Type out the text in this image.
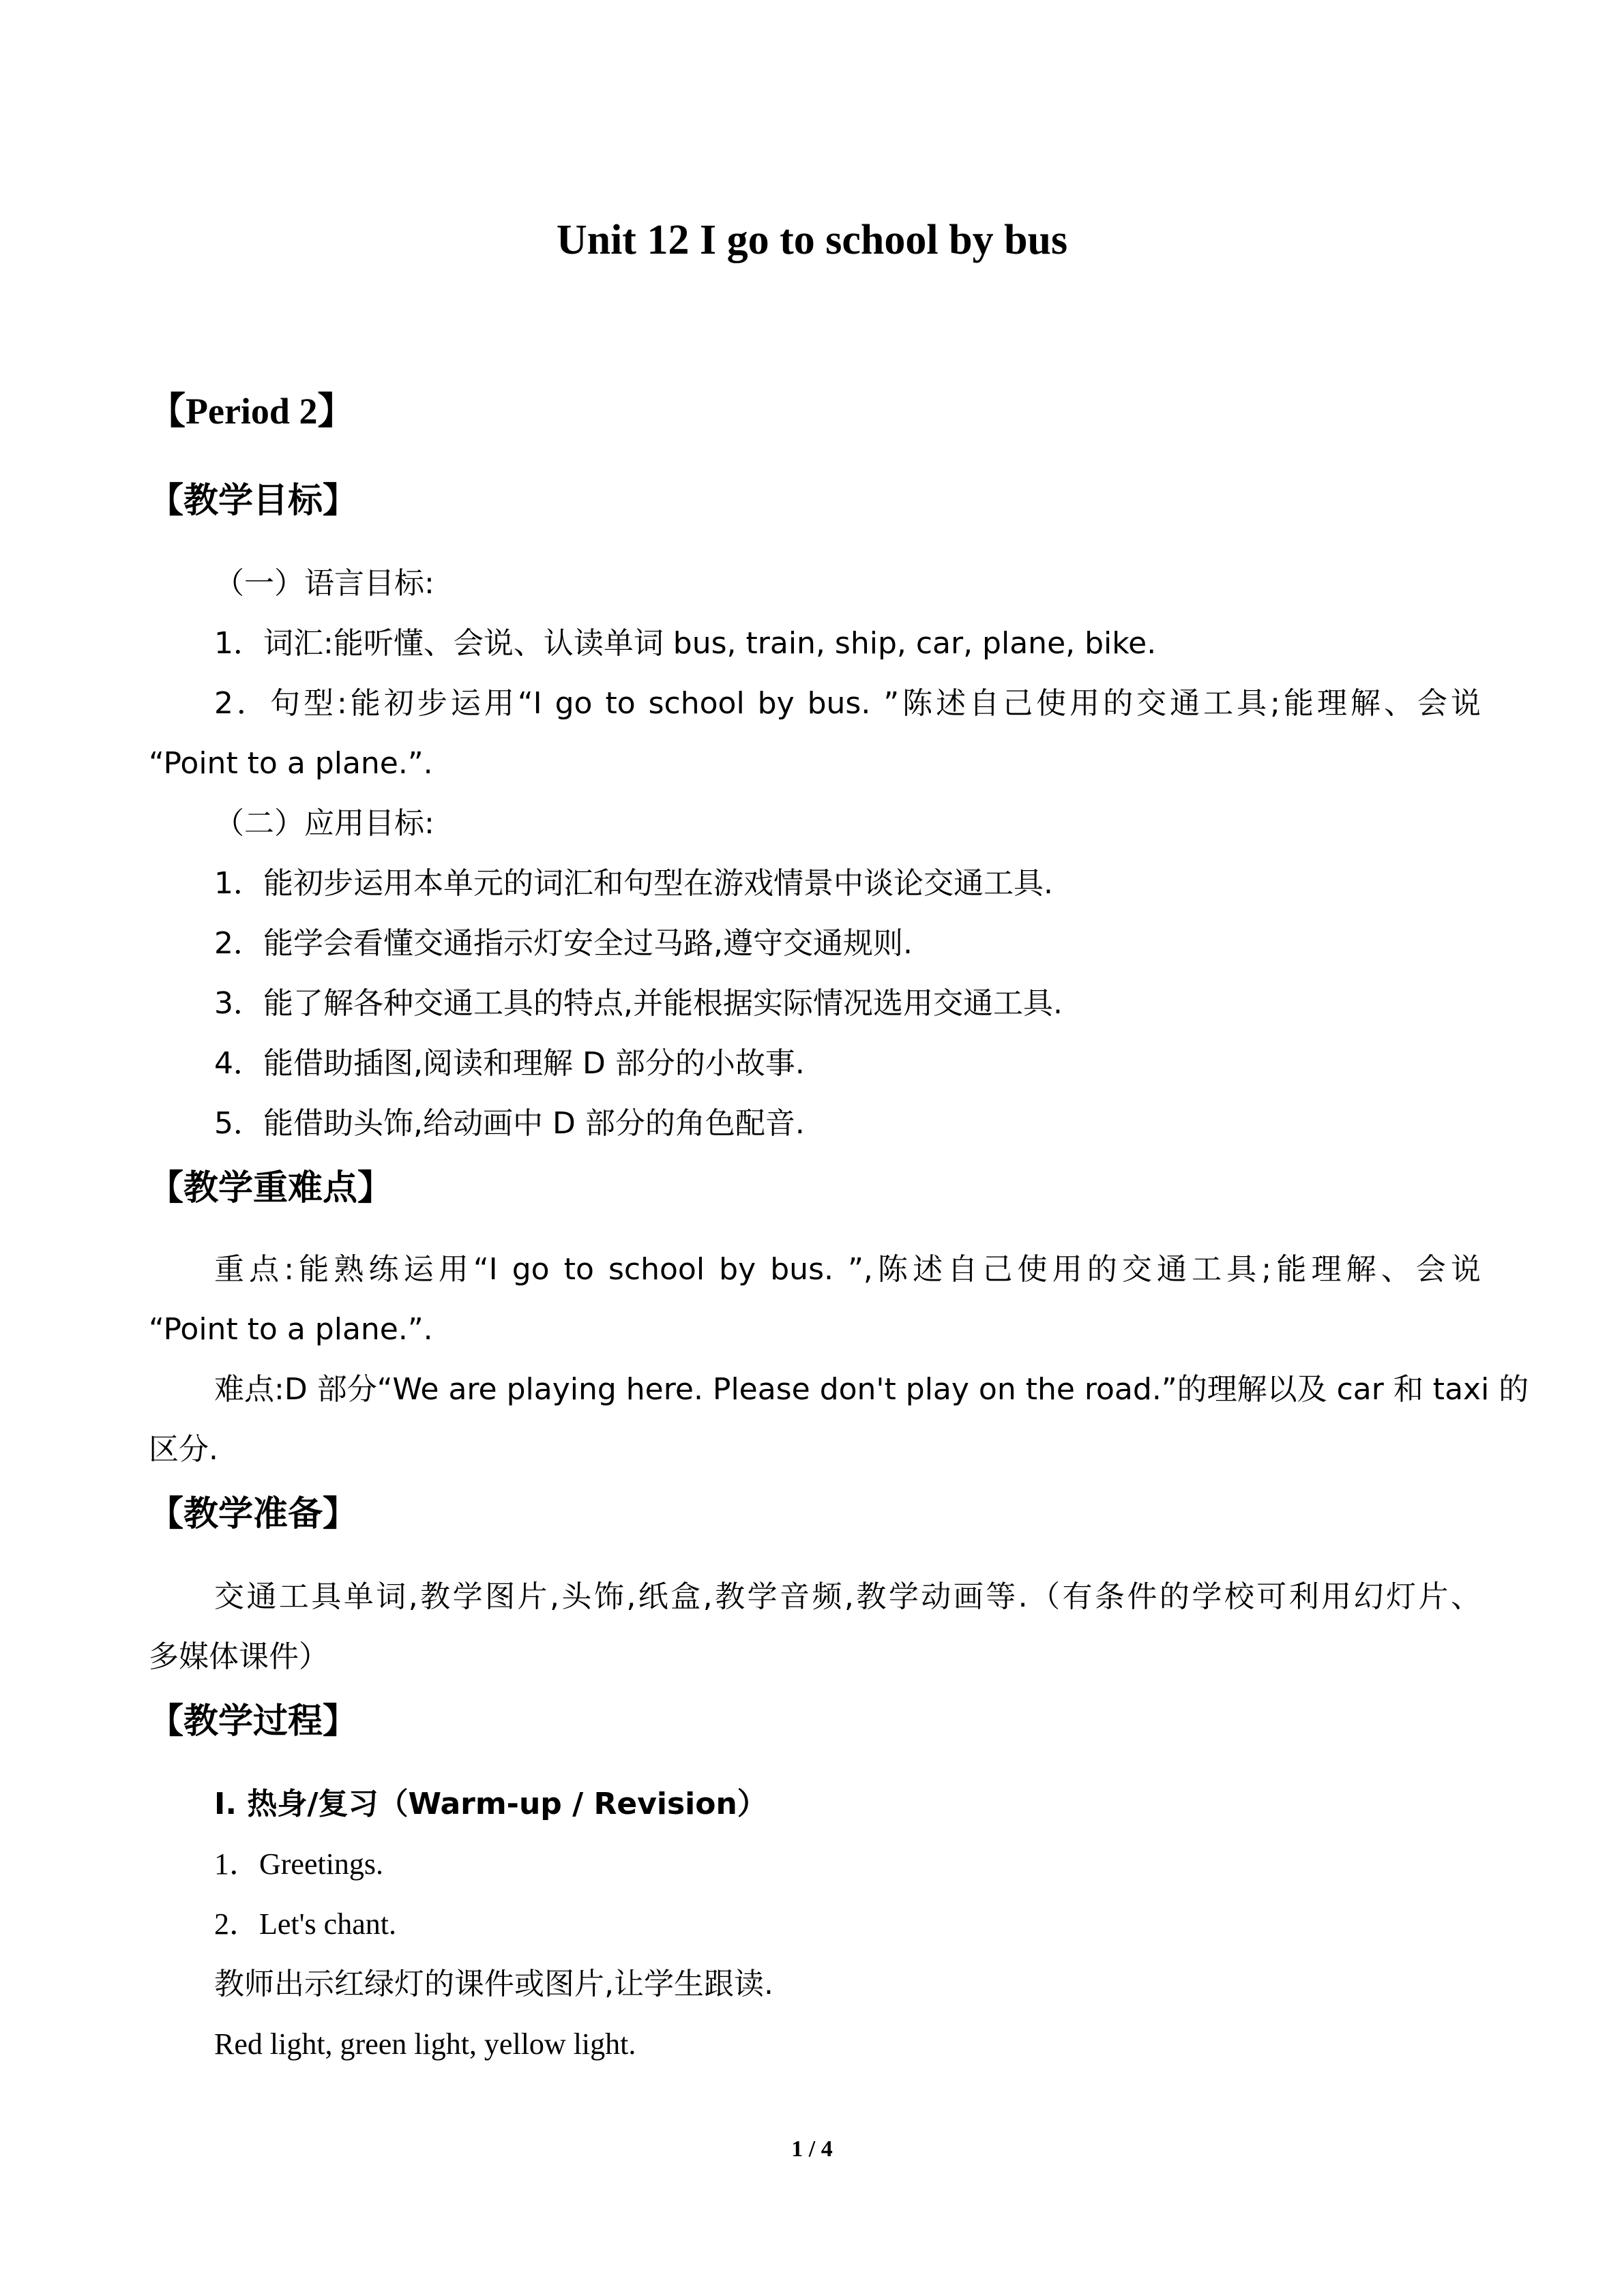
Unit 12 I go to school by bus
【Period 2】
【教学目标】
（一）语言目标:
1．词汇:能听懂、会说、认读单词 bus, train, ship, car, plane, bike.
2．句型:能初步运用“I go to school by bus. ”陈述自己使用的交通工具;能理解、会说
“Point to a plane.”.
（二）应用目标:
1．能初步运用本单元的词汇和句型在游戏情景中谈论交通工具.
2．能学会看懂交通指示灯安全过马路,遵守交通规则.
3．能了解各种交通工具的特点,并能根据实际情况选用交通工具.
4．能借助插图,阅读和理解 D 部分的小故事.
5．能借助头饰,给动画中 D 部分的角色配音.
【教学重难点】
重点:能熟练运用“I go to school by bus. ”,陈述自己使用的交通工具;能理解、会说
“Point to a plane.”.
难点:D 部分“We are playing here. Please don't play on the road.”的理解以及 car 和 taxi 的
区分.
【教学准备】
交通工具单词,教学图片,头饰,纸盒,教学音频,教学动画等.（有条件的学校可利用幻灯片、
多媒体课件）
【教学过程】
I. 热身/复习（Warm-up / Revision）
1．Greetings.
2．Let's chant.
教师出示红绿灯的课件或图片,让学生跟读.
Red light, green light, yellow light.
1 / 4
